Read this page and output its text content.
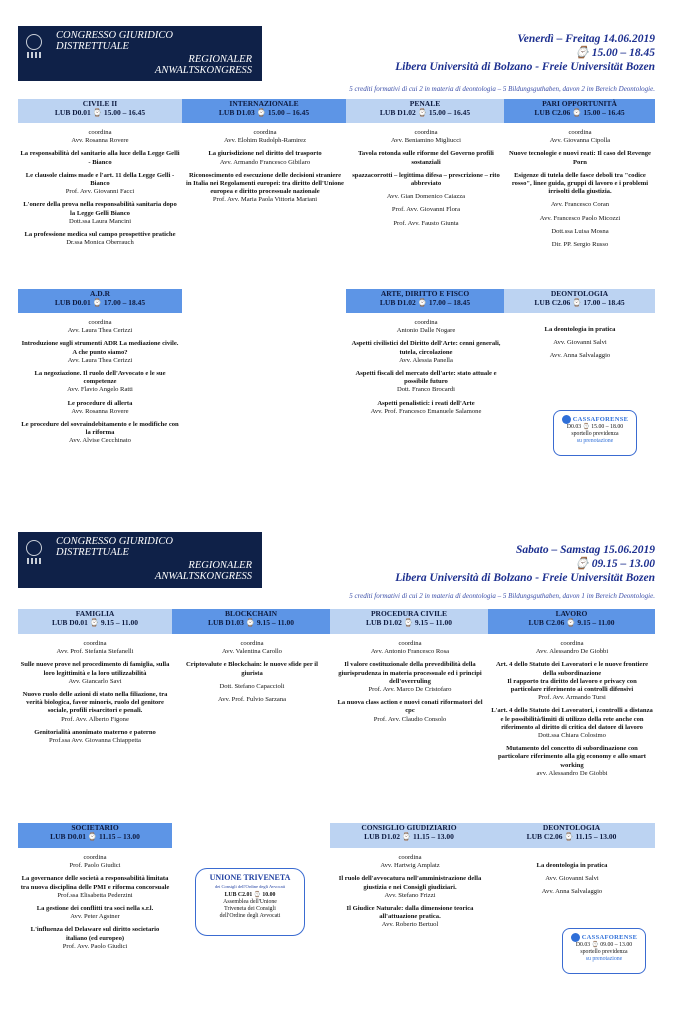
CONGRESSO GIURIDICO
DISTRETTUALE
REGIONALER
ANWALTSKONGRESS
Venerdì – Freitag 14.06.2019
⌚ 15.00 – 18.45
Libera Università di Bolzano - Freie Universität Bozen
5 crediti formativi di cui 2 in materia di deontologia – 5 Bildungsguthaben, davon 2 im Bereich Deontologie.
CIVILE II
LUB D0.01 ⌚ 15.00 – 16.45
INTERNAZIONALE
LUB D1.03 ⌚ 15.00 – 16.45
PENALE
LUB D1.02 ⌚ 15.00 – 16.45
PARI OPPORTUNITÀ
LUB C2.06 ⌚ 15.00 – 16.45

coordina
Avv. Rosanna Rovere

La responsabilità del sanitario alla luce della Legge Gelli - Bianco

Le clausole claims made e l'art. 11 della Legge Gelli - Bianco
Prof. Avv. Giovanni Facci

L'onere della prova nella responsabilità sanitaria dopo la Legge Gelli Bianco
Dott.ssa Laura Mancini

La professione medica sul campo prospettive pratiche
Dr.ssa Monica Oberrauch

coordina
Avv. Elohim Rudolph-Ramirez

La giurisdizione nel diritto del trasporto
Avv. Armando Francesco Gibilaro

Riconoscimento ed esecuzione delle decisioni straniere in Italia nei Regolamenti europei: tra diritto dell'Unione europea e diritto processuale nazionale
Prof. Avv. Maria Paola Vittoria Mariani

coordina
Avv. Beniamino Migliucci

Tavola rotonda sulle riforme del Governo profili sostanziali

spazzacorrotti – legittima difesa – prescrizione – rito abbreviato

Avv. Gian Domenico Caiazza

Prof. Avv. Giovanni Flora

Prof. Avv. Fausto Giunta

coordina
Avv. Giovanna Cipolla

Nuove tecnologie e nuovi reati: Il caso del Revenge Porn

Esigenze di tutela delle fasce deboli tra "codice rosso", linee guida, gruppi di lavoro e i problemi irrisolti della giustizia.

Avv. Francesco Coran

Avv. Francesco Paolo Micozzi

Dott.ssa Luisa Mosna

Dir. PP. Sergio Russo

A.D.R
LUB D0.01 ⌚ 17.00 – 18.45
ARTE, DIRITTO E FISCO
LUB D1.02 ⌚ 17.00 – 18.45
DEONTOLOGIA
LUB C2.06 ⌚ 17.00 – 18.45

coordina
Avv. Laura Thea Cerizzi

Introduzione sugli strumenti ADR La mediazione civile. A che punto siamo?
Avv. Laura Thea Cerizzi

La negoziazione. Il ruolo dell'Avvocato e le sue competenze
Avv. Flavio Angelo Ratti

Le procedure di allerta
Avv. Rosanna Rovere

Le procedure del sovraindebitamento e le modifiche con la riforma
Avv. Alvise Cecchinato

coordina
Antonio Dalle Nogare

Aspetti civilistici del Diritto dell'Arte: cenni generali, tutela, circolazione
Avv. Alessia Panella

Aspetti fiscali del mercato dell'arte: stato attuale e possibile futuro
Dott. Franco Brocardi

Aspetti penalistici: i reati dell'Arte
Avv. Prof. Francesco Emanuele Salamone

La deontologia in pratica

Avv. Giovanni Salvi

Avv. Anna Salvalaggio

CASSAFORENSE
D0.03 ⌚ 15.00 – 18.00
sportello previdenza
su prenotazione
CONGRESSO GIURIDICO
DISTRETTUALE
REGIONALER
ANWALTSKONGRESS
Sabato – Samstag 15.06.2019
⌚ 09.15 – 13.00
Libera Università di Bolzano - Freie Universität Bozen
5 crediti formativi di cui 2 in materia di deontologia – 5 Bildungsguthaben, davon 1 im Bereich Deontologie.
FAMIGLIA
LUB D0.01 ⌚ 9.15 – 11.00
BLOCKCHAIN
LUB D1.03 ⌚ 9.15 – 11.00
PROCEDURA CIVILE
LUB D1.02 ⌚ 9.15 – 11.00
LAVORO
LUB C2.06 ⌚ 9.15 – 11.00

coordina
Avv. Prof. Stefania Stefanelli

Sulle nuove prove nel procedimento di famiglia, sulla loro legittimità e la loro utilizzabilità
Avv. Giancarlo Savi

Nuovo ruolo delle azioni di stato nella filiazione, tra verità biologica, favor minoris, ruolo del genitore sociale, profili risarcitori e penali.
Prof. Avv. Alberto Figone

Genitorialità anonimato materno e paterno
Prof.ssa Avv. Giovanna Chiappetta

coordina
Avv. Valentina Carollo

Criptovalute e Blockchain: le nuove sfide per il giurista

Dott. Stefano Capaccioli

Avv. Prof. Fulvio Sarzana

coordina
Avv. Antonio Francesco Rosa

Il valore costituzionale della prevedibilità della giurisprudenza in materia processuale ed i principi dell'overruling
Prof. Avv. Marco De Cristofaro

La nuova class action e nuovi conati riformatori del cpc
Prof. Avv. Claudio Consolo

coordina
Avv. Alessandro De Giobbi

Art. 4 dello Statuto dei Lavoratori e le nuove frontiere della subordinazione
Il rapporto tra diritto del lavoro e privacy con particolare riferimento ai controlli difensivi
Prof. Avv. Armando Tursi

L'art. 4 dello Statuto dei Lavoratori, i controlli a distanza e le possibilità/limiti di utilizzo della rete anche con riferimento al diritto di critica del datore di lavoro
Dott.ssa Chiara Colosimo

Mutamento del concetto di subordinazione con particolare riferimento alla gig economy e allo smart working
avv. Alessandro De Giobbi

SOCIETARIO
LUB D0.01 ⌚ 11.15 – 13.00
CONSIGLIO GIUDIZIARIO
LUB D1.02 ⌚ 11.15 – 13.00
DEONTOLOGIA
LUB C2.06 ⌚ 11.15 – 13.00

coordina
Prof. Paolo Giudici

La governance delle società a responsabilità limitata tra nuova disciplina delle PMI e riforma concorsuale
Prof.ssa Elisabetta Pederzini

La gestione dei conflitti tra soci nella s.r.l.
Avv. Peter Agstner

L'influenza del Delaware sul diritto societario italiano (ed europeo)
Prof. Avv. Paolo Giudici

UNIONE TRIVENETA
dei Consigli dell'Ordine degli Avvocati
LUB C2.01 ⌚ 10.00
Assemblea dell'Unione
Triveneta dei Consigli
dell'Ordine degli Avvocati

coordina
Avv. Hartwig Amplatz

Il ruolo dell'avvocatura nell'amministrazione della giustizia e nei Consigli giudiziari.
Avv. Stefano Frizzi

Il Giudice Naturale: dalla dimensione teorica all'attuazione pratica.
Avv. Roberto Bertuol

La deontologia in pratica

Avv. Giovanni Salvi

Avv. Anna Salvalaggio

CASSAFORENSE
D0.03 ⌚ 09.00 – 13.00
sportello previdenza
su prenotazione
